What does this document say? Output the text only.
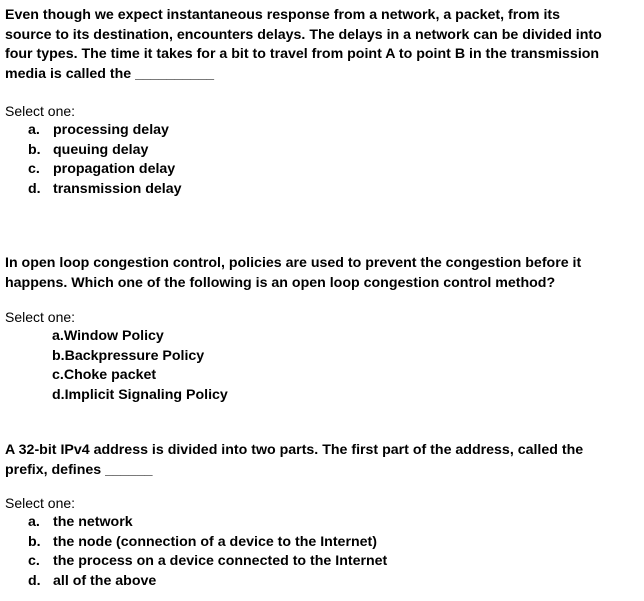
Even though we expect instantaneous response from a network, a packet, from its
source to its destination, encounters delays. The delays in a network can be divided into
four types. The time it takes for a bit to travel from point A to point B in the transmission
media is called the __________
Select one:
a. processing delay
b. queuing delay
c. propagation delay
d. transmission delay
In open loop congestion control, policies are used to prevent the congestion before it
happens. Which one of the following is an open loop congestion control method?
Select one:
a.Window Policy
b.Backpressure Policy
c.Choke packet
d.Implicit Signaling Policy
A 32-bit IPv4 address is divided into two parts. The first part of the address, called the
prefix, defines ______
Select one:
a. the network
b. the node (connection of a device to the Internet)
c. the process on a device connected to the Internet
d. all of the above
